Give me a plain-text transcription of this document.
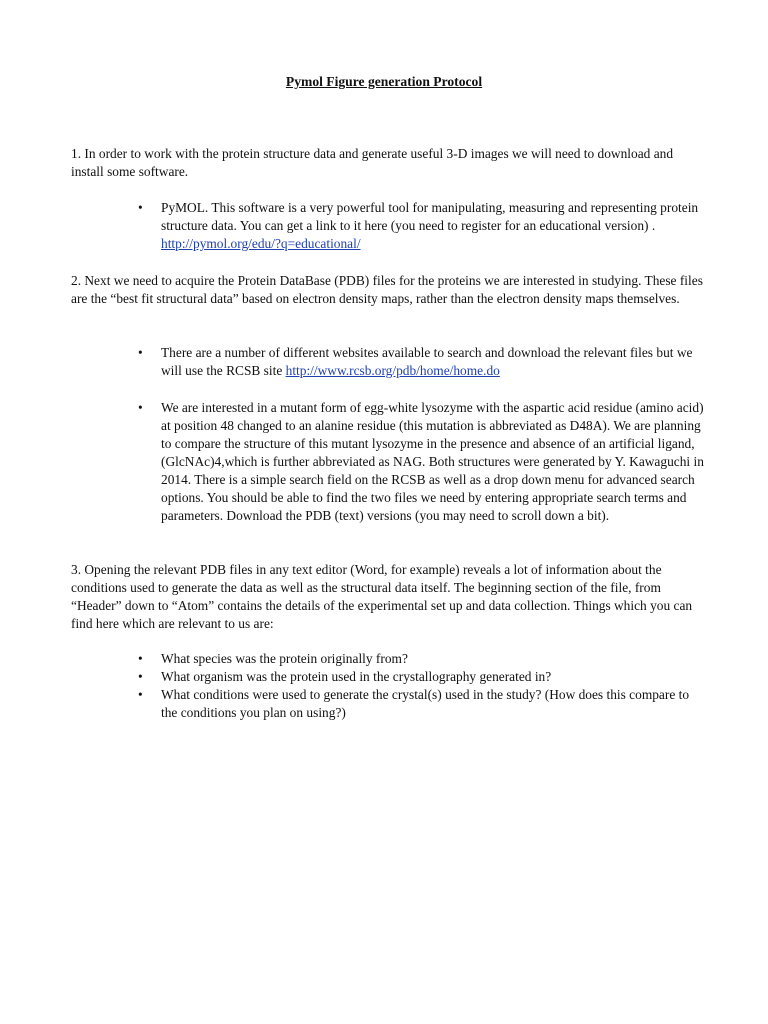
Pymol Figure generation Protocol

1. In order to work with the protein structure data and generate useful 3-D images we will need to download and install some software.

• PyMOL. This software is a very powerful tool for manipulating, measuring and representing protein structure data. You can get a link to it here (you need to register for an educational version) . http://pymol.org/edu/?q=educational/

2. Next we need to acquire the Protein DataBase (PDB) files for the proteins we are interested in studying. These files are the “best fit structural data” based on electron density maps, rather than the electron density maps themselves.

• There are a number of different websites available to search and download the relevant files but we will use the RCSB site http://www.rcsb.org/pdb/home/home.do
• We are interested in a mutant form of egg-white lysozyme with the aspartic acid residue (amino acid) at position 48 changed to an alanine residue (this mutation is abbreviated as D48A). We are planning to compare the structure of this mutant lysozyme in the presence and absence of an artificial ligand, (GlcNAc)4,which is further abbreviated as NAG. Both structures were generated by Y. Kawaguchi in 2014. There is a simple search field on the RCSB as well as a drop down menu for advanced search options. You should be able to find the two files we need by entering appropriate search terms and parameters. Download the PDB (text) versions (you may need to scroll down a bit).

3. Opening the relevant PDB files in any text editor (Word, for example) reveals a lot of information about the conditions used to generate the data as well as the structural data itself. The beginning section of the file, from “Header” down to “Atom” contains the details of the experimental set up and data collection. Things which you can find here which are relevant to us are:

• What species was the protein originally from?
• What organism was the protein used in the crystallography generated in?
• What conditions were used to generate the crystal(s) used in the study? (How does this compare to the conditions you plan on using?)
